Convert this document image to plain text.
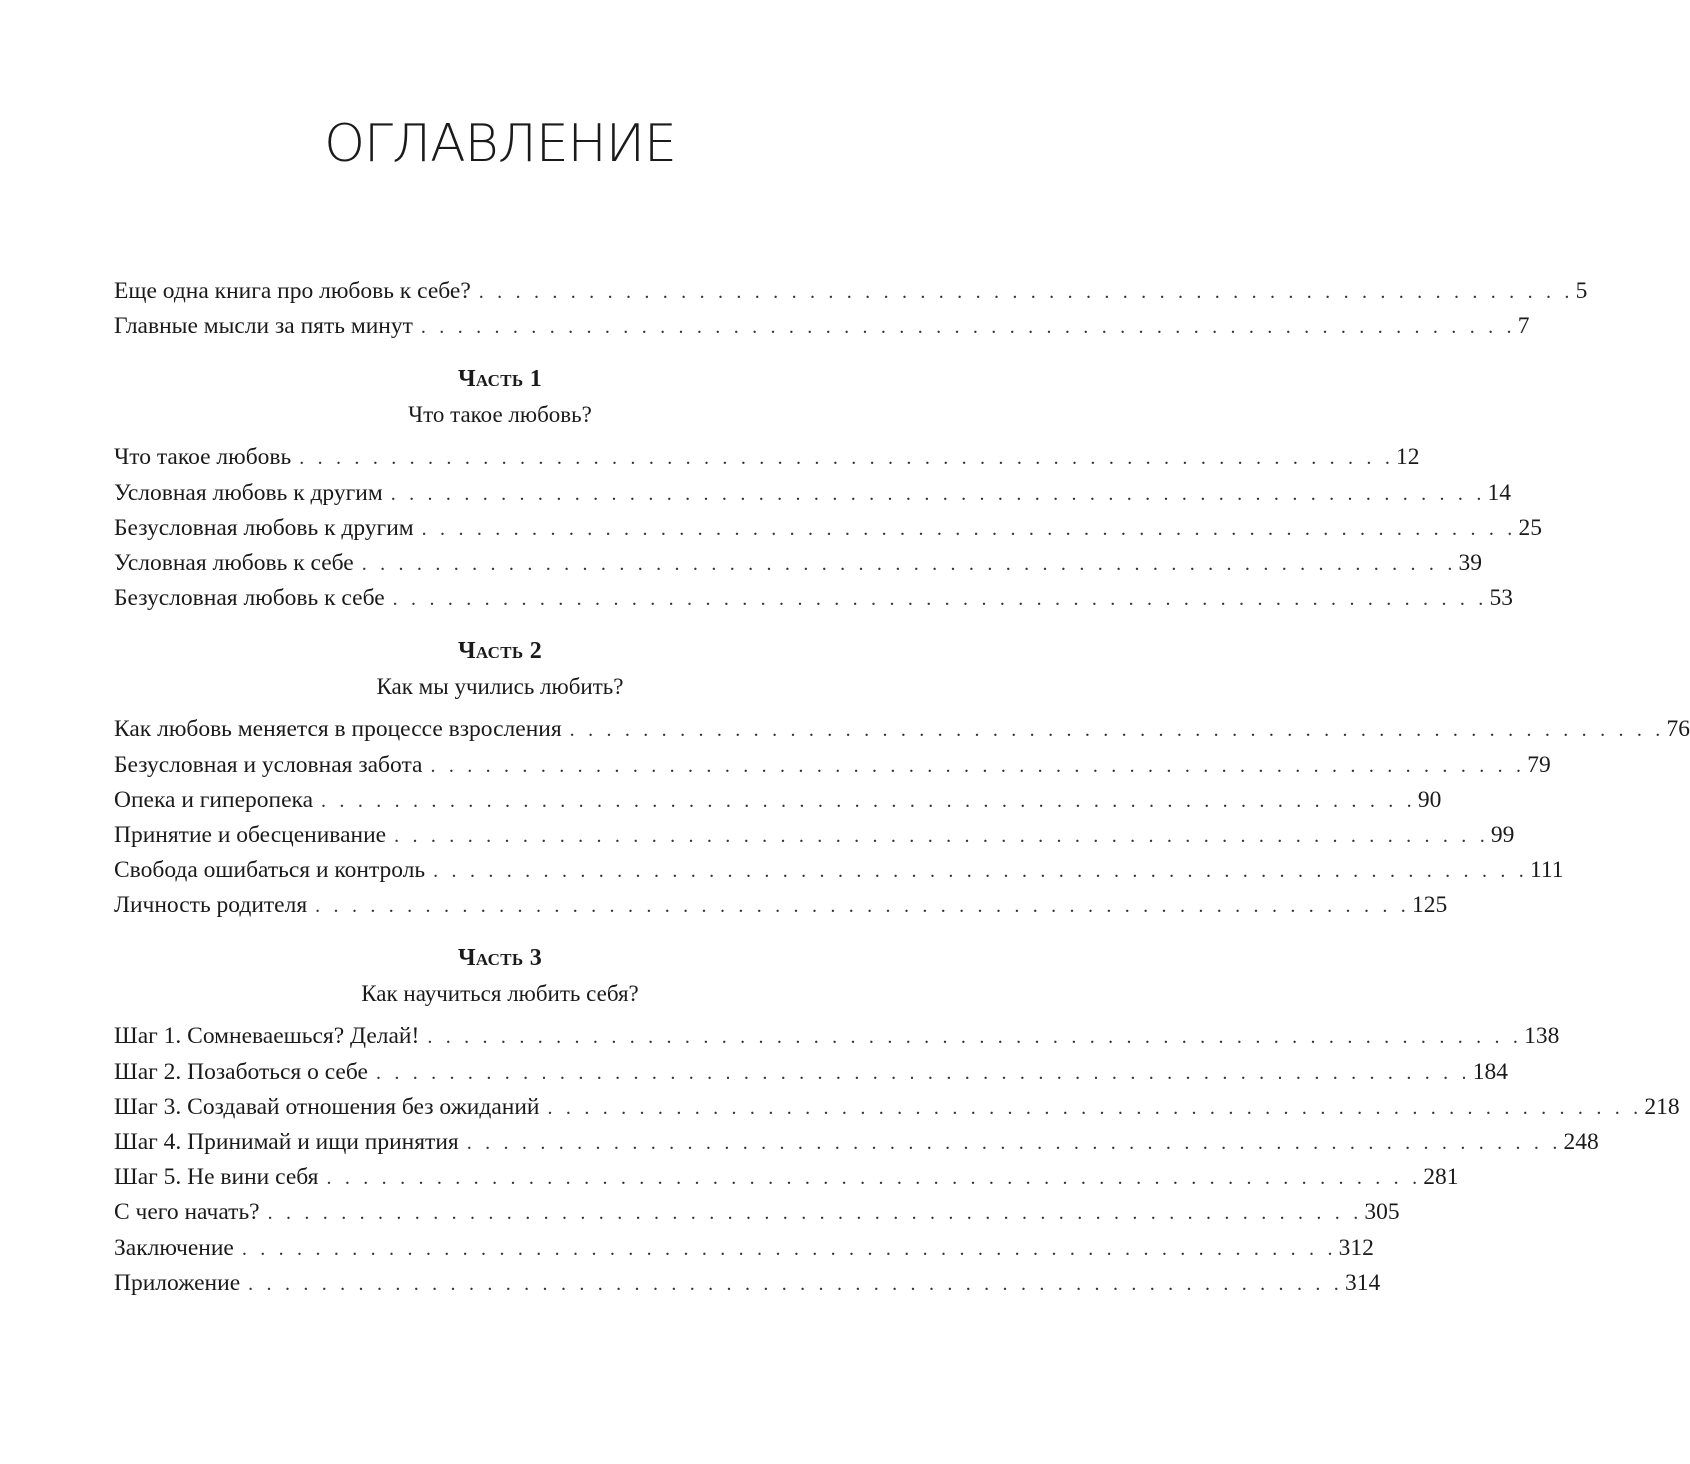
ОГЛАВЛЕНИЕ
Еще одна книга про любовь к себе? . . . . . . . . . . . . . . . . . . . . . . . . . . . . . . . . . . . . . . . . . . . . . . . . . . . . . . . . . . . . 5
Главные мысли за пять минут . . . . . . . . . . . . . . . . . . . . . . . . . . . . . . . . . . . . . . . . . . . . . . . . . . . . . . . . . . . . 7
Часть 1
Что такое любовь?
Что такое любовь . . . . . . . . . . . . . . . . . . . . . . . . . . . . . . . . . . . . . . . . . . . . . . . . . . . . . . . . . . . . 12
Условная любовь к другим . . . . . . . . . . . . . . . . . . . . . . . . . . . . . . . . . . . . . . . . . . . . . . . . . . . . . . . . . . . . 14
Безусловная любовь к другим . . . . . . . . . . . . . . . . . . . . . . . . . . . . . . . . . . . . . . . . . . . . . . . . . . . . . . . . . . . . 25
Условная любовь к себе . . . . . . . . . . . . . . . . . . . . . . . . . . . . . . . . . . . . . . . . . . . . . . . . . . . . . . . . . . . . 39
Безусловная любовь к себе . . . . . . . . . . . . . . . . . . . . . . . . . . . . . . . . . . . . . . . . . . . . . . . . . . . . . . . . . . . . 53
Часть 2
Как мы учились любить?
Как любовь меняется в процессе взросления . . . . . . . . . . . . . . . . . . . . . . . . . . . . . . . . . . . . . . . . . . . . . . . . . . . . . . . . . . . . 76
Безусловная и условная забота . . . . . . . . . . . . . . . . . . . . . . . . . . . . . . . . . . . . . . . . . . . . . . . . . . . . . . . . . . . . 79
Опека и гиперопека . . . . . . . . . . . . . . . . . . . . . . . . . . . . . . . . . . . . . . . . . . . . . . . . . . . . . . . . . . . . 90
Принятие и обесценивание . . . . . . . . . . . . . . . . . . . . . . . . . . . . . . . . . . . . . . . . . . . . . . . . . . . . . . . . . . . . 99
Свобода ошибаться и контроль . . . . . . . . . . . . . . . . . . . . . . . . . . . . . . . . . . . . . . . . . . . . . . . . . . . . . . . . . . . . 111
Личность родителя . . . . . . . . . . . . . . . . . . . . . . . . . . . . . . . . . . . . . . . . . . . . . . . . . . . . . . . . . . . . 125
Часть 3
Как научиться любить себя?
Шаг 1. Сомневаешься? Делай! . . . . . . . . . . . . . . . . . . . . . . . . . . . . . . . . . . . . . . . . . . . . . . . . . . . . . . . . . . . . 138
Шаг 2. Позаботься о себе . . . . . . . . . . . . . . . . . . . . . . . . . . . . . . . . . . . . . . . . . . . . . . . . . . . . . . . . . . . . 184
Шаг 3. Создавай отношения без ожиданий . . . . . . . . . . . . . . . . . . . . . . . . . . . . . . . . . . . . . . . . . . . . . . . . . . . . . . . . . . . . 218
Шаг 4. Принимай и ищи принятия . . . . . . . . . . . . . . . . . . . . . . . . . . . . . . . . . . . . . . . . . . . . . . . . . . . . . . . . . . . . 248
Шаг 5. Не вини себя . . . . . . . . . . . . . . . . . . . . . . . . . . . . . . . . . . . . . . . . . . . . . . . . . . . . . . . . . . . . 281
С чего начать? . . . . . . . . . . . . . . . . . . . . . . . . . . . . . . . . . . . . . . . . . . . . . . . . . . . . . . . . . . . . 305
Заключение . . . . . . . . . . . . . . . . . . . . . . . . . . . . . . . . . . . . . . . . . . . . . . . . . . . . . . . . . . . . 312
Приложение . . . . . . . . . . . . . . . . . . . . . . . . . . . . . . . . . . . . . . . . . . . . . . . . . . . . . . . . . . . . 314
